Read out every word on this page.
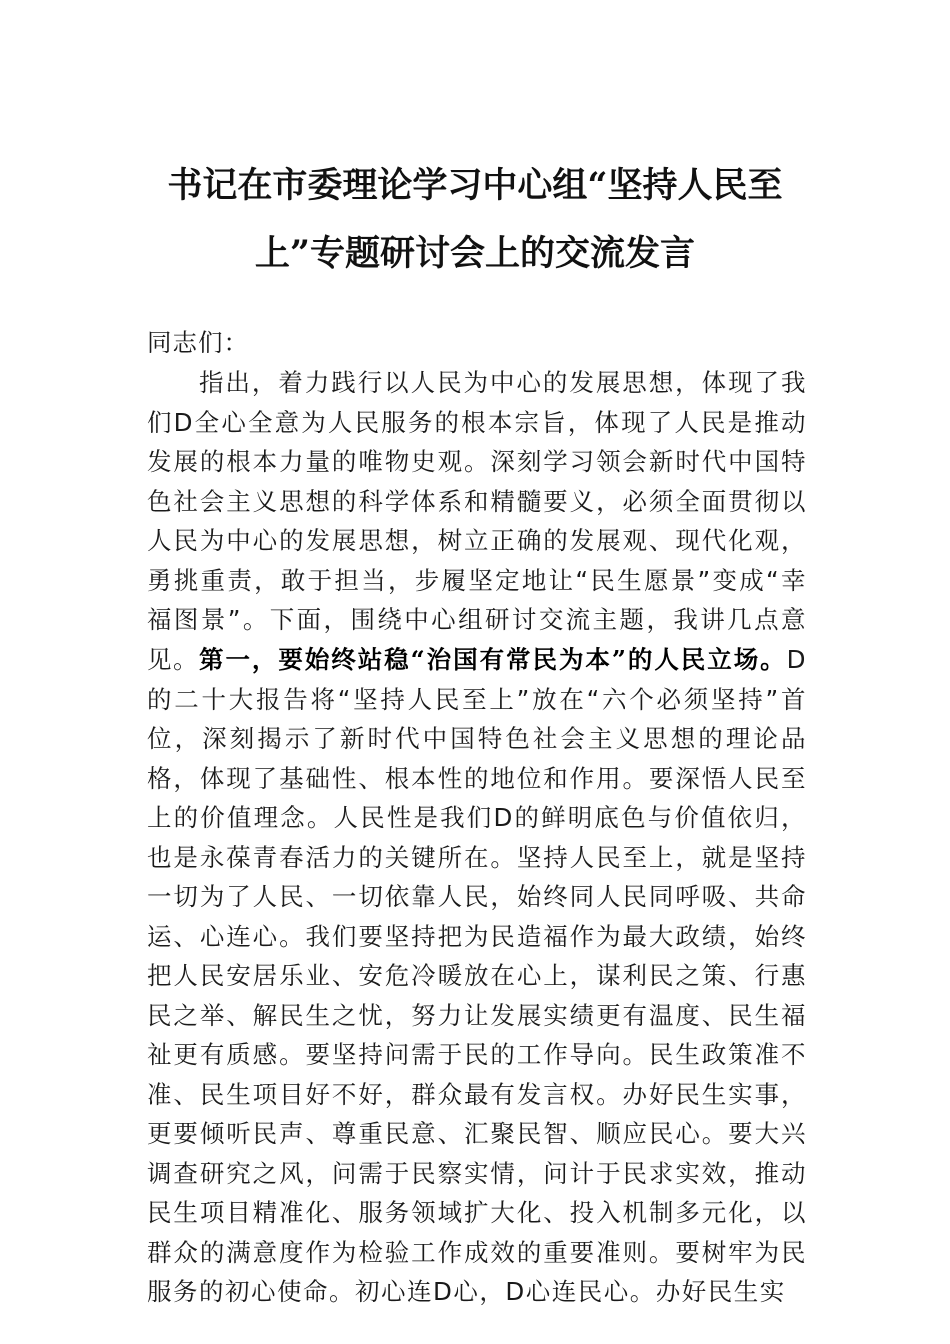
书记在市委理论学习中心组“坚持人民至
上”专题研讨会上的交流发言

同志们：

指出，着力践行以人民为中心的发展思想，体现了我们D全心全意为人民服务的根本宗旨，体现了人民是推动发展的根本力量的唯物史观。深刻学习领会新时代中国特色社会主义思想的科学体系和精髓要义，必须全面贯彻以人民为中心的发展思想，树立正确的发展观、现代化观，勇挑重责，敢于担当，步履坚定地让“民生愿景”变成“幸福图景”。下面，围绕中心组研讨交流主题，我讲几点意见。 第一，要始终站稳“治国有常民为本”的人民立场。D的二十大报告将“坚持人民至上”放在“六个必须坚持”首位，深刻揭示了新时代中国特色社会主义思想的理论品格，体现了基础性、根本性的地位和作用。要深悟人民至上的价值理念。人民性是我们D的鲜明底色与价值依归，也是永葆青春活力的关键所在。坚持人民至上，就是坚持一切为了人民、一切依靠人民，始终同人民同呼吸、共命运、心连心。我们要坚持把为民造福作为最大政绩，始终把人民安居乐业、安危冷暖放在心上，谋利民之策、行惠民之举、解民生之忧，努力让发展实绩更有温度、民生福祉更有质感。要坚持问需于民的工作导向。民生政策准不准、民生项目好不好，群众最有发言权。办好民生实事，更要倾听民声、尊重民意、汇聚民智、顺应民心。要大兴调查研究之风，问需于民察实情，问计于民求实效，推动民生项目精准化、服务领域扩大化、投入机制多元化，以群众的满意度作为检验工作成效的重要准则。要树牢为民服务的初心使命。初心连D心，D心连民心。办好民生实
